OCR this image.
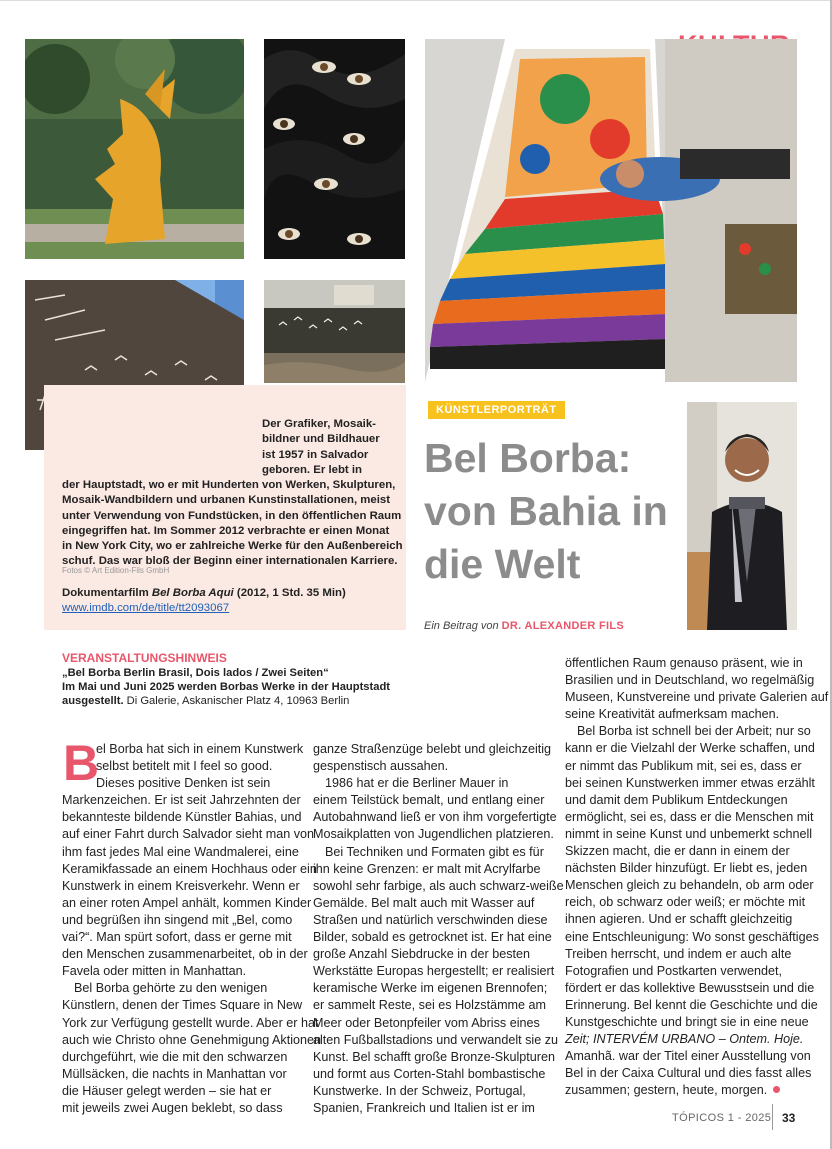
Der Grafiker, Mosaik-
bildner und Bildhauer
ist 1957 in Salvador
geboren. Er lebt in
der Hauptstadt, wo er mit Hunderten von Werken, Skulpturen,
Mosaik-Wandbildern und urbanen Kunstinstallationen, meist
unter Verwendung von Fundstücken, in den öffentlichen Raum
eingegriffen hat. Im Sommer 2012 verbrachte er einen Monat
in New York City, wo er zahlreiche Werke für den Außenbereich
schuf. Das war bloß der Beginn einer internationalen Karriere.
Fotos © Art Edition-Fils GmbH
Dokumentarfilm Bel Borba Aqui (2012, 1 Std. 35 Min)
www.imdb.com/de/title/tt2093067
KÜNSTLERPORTRÄT
Bel Borba:
von Bahia in
die Welt
Ein Beitrag von DR. ALEXANDER FILS
VERANSTALTUNGSHINWEIS
„Bel Borba Berlin Brasil, Dois lados / Zwei Seiten“
Im Mai und Juni 2025 werden Borbas Werke in der Hauptstadt
ausgestellt. Di Galerie, Askanischer Platz 4, 10963 Berlin
B
el Borba hat sich in einem Kunstwerk
selbst betitelt mit I feel so good.
Dieses positive Denken ist sein
Markenzeichen. Er ist seit Jahrzehnten der
bekannteste bildende Künstler Bahias, und
auf einer Fahrt durch Salvador sieht man von
ihm fast jedes Mal eine Wandmalerei, eine
Keramikfassade an einem Hochhaus oder ein
Kunstwerk in einem Kreisverkehr. Wenn er
an einer roten Ampel anhält, kommen Kinder
und begrüßen ihn singend mit „Bel, como
vai?“. Man spürt sofort, dass er gerne mit
den Menschen zusammenarbeitet, ob in der
Favela oder mitten in Manhattan.
Bel Borba gehörte zu den wenigen
Künstlern, denen der Times Square in New
York zur Verfügung gestellt wurde. Aber er hat
auch wie Christo ohne Genehmigung Aktionen
durchgeführt, wie die mit den schwarzen
Müllsäcken, die nachts in Manhattan vor
die Häuser gelegt werden – sie hat er
mit jeweils zwei Augen beklebt, so dass
ganze Straßenzüge belebt und gleichzeitig
gespenstisch aussahen.
1986 hat er die Berliner Mauer in
einem Teilstück bemalt, und entlang einer
Autobahnwand ließ er von ihm vorgefertigte
Mosaikplatten von Jugendlichen platzieren.
Bei Techniken und Formaten gibt es für
ihn keine Grenzen: er malt mit Acrylfarbe
sowohl sehr farbige, als auch schwarz-weiße
Gemälde. Bel malt auch mit Wasser auf
Straßen und natürlich verschwinden diese
Bilder, sobald es getrocknet ist. Er hat eine
große Anzahl Siebdrucke in der besten
Werkstätte Europas hergestellt; er realisiert
keramische Werke im eigenen Brennofen;
er sammelt Reste, sei es Holzstämme am
Meer oder Betonpfeiler vom Abriss eines
alten Fußballstadions und verwandelt sie zu
Kunst. Bel schafft große Bronze-Skulpturen
und formt aus Corten-Stahl bombastische
Kunstwerke. In der Schweiz, Portugal,
Spanien, Frankreich und Italien ist er im
öffentlichen Raum genauso präsent, wie in
Brasilien und in Deutschland, wo regelmäßig
Museen, Kunstvereine und private Galerien auf
seine Kreativität aufmerksam machen.
Bel Borba ist schnell bei der Arbeit; nur so
kann er die Vielzahl der Werke schaffen, und
er nimmt das Publikum mit, sei es, dass er
bei seinen Kunstwerken immer etwas erzählt
und damit dem Publikum Entdeckungen
ermöglicht, sei es, dass er die Menschen mit
nimmt in seine Kunst und unbemerkt schnell
Skizzen macht, die er dann in einem der
nächsten Bilder hinzufügt. Er liebt es, jeden
Menschen gleich zu behandeln, ob arm oder
reich, ob schwarz oder weiß; er möchte mit
ihnen agieren. Und er schafft gleichzeitig
eine Entschleunigung: Wo sonst geschäftiges
Treiben herrscht, und indem er auch alte
Fotografien und Postkarten verwendet,
fördert er das kollektive Bewusstsein und die
Erinnerung. Bel kennt die Geschichte und die
Kunstgeschichte und bringt sie in eine neue
Zeit; INTERVÉM URBANO – Ontem. Hoje.
Amanhã. war der Titel einer Ausstellung von
Bel in der Caixa Cultural und dies fasst alles
zusammen; gestern, heute, morgen.
TÓPICOS 1 - 2025 33
